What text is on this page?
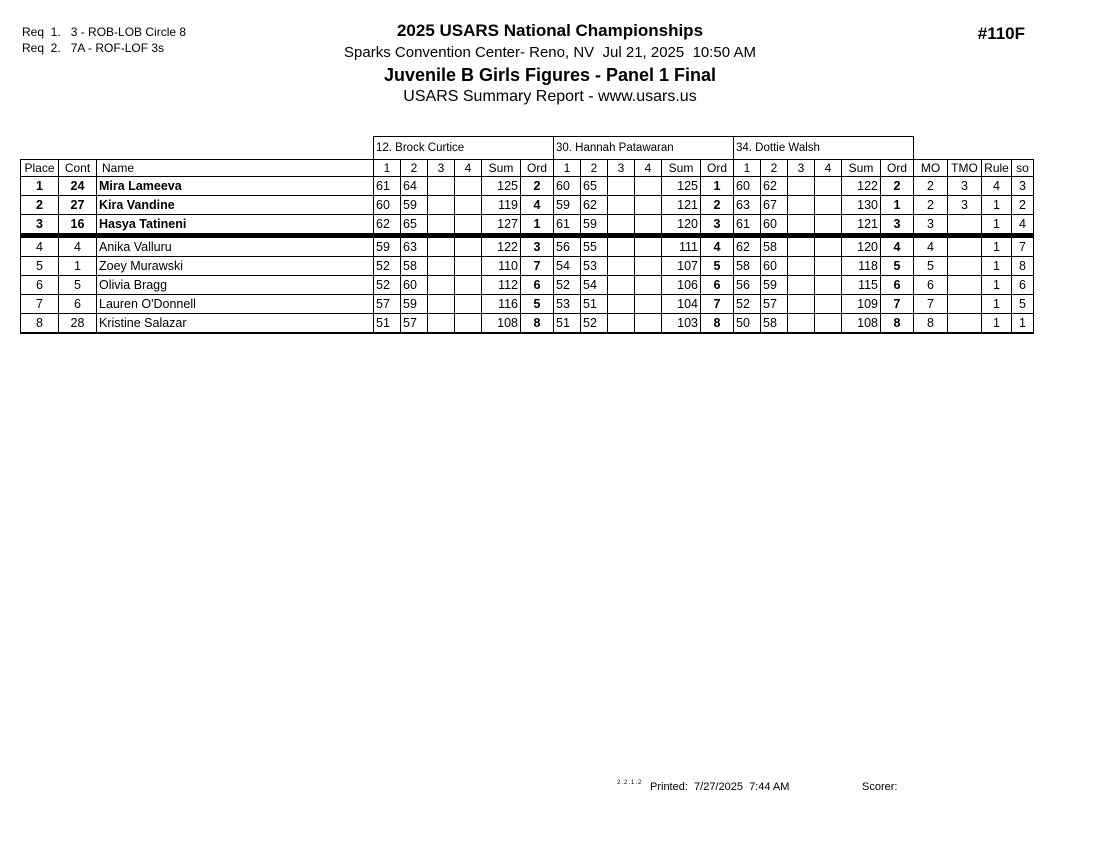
Req  1.   3 - ROB-LOB Circle 8
Req  2.   7A - ROF-LOF 3s
2025 USARS National Championships
Sparks Convention Center- Reno, NV  Jul 21, 2025  10:50 AM
Juvenile B Girls Figures - Panel 1 Final
USARS Summary Report - www.usars.us
#110F
			12. Brock Curtice						30. Hannah Patawaran						34. Dottie Walsh									
Place	Cont	Name	1	2	3	4	Sum	Ord	1	2	3	4	Sum	Ord	1	2	3	4	Sum	Ord	MO	TMO	Rule	so
1	24	Mira Lameeva	61	64			125	2	60	65			125	1	60	62			122	2	2	3	4	3
2	27	Kira Vandine	60	59			119	4	59	62			121	2	63	67			130	1	2	3	1	2
3	16	Hasya Tatineni	62	65			127	1	61	59			120	3	61	60			121	3	3		1	4
4	4	Anika Valluru	59	63			122	3	56	55			111	4	62	58			120	4	4		1	7
5	1	Zoey Murawski	52	58			110	7	54	53			107	5	58	60			118	5	5		1	8
6	5	Olivia Bragg	52	60			112	6	52	54			106	6	56	59			115	6	6		1	6
7	6	Lauren O'Donnell	57	59			116	5	53	51			104	7	52	57			109	7	7		1	5
8	28	Kristine Salazar	51	57			108	8	51	52			103	8	50	58			108	8	8		1	1
2.2.1.2 Printed:  7/27/2025  7:44 AM	Scorer:
